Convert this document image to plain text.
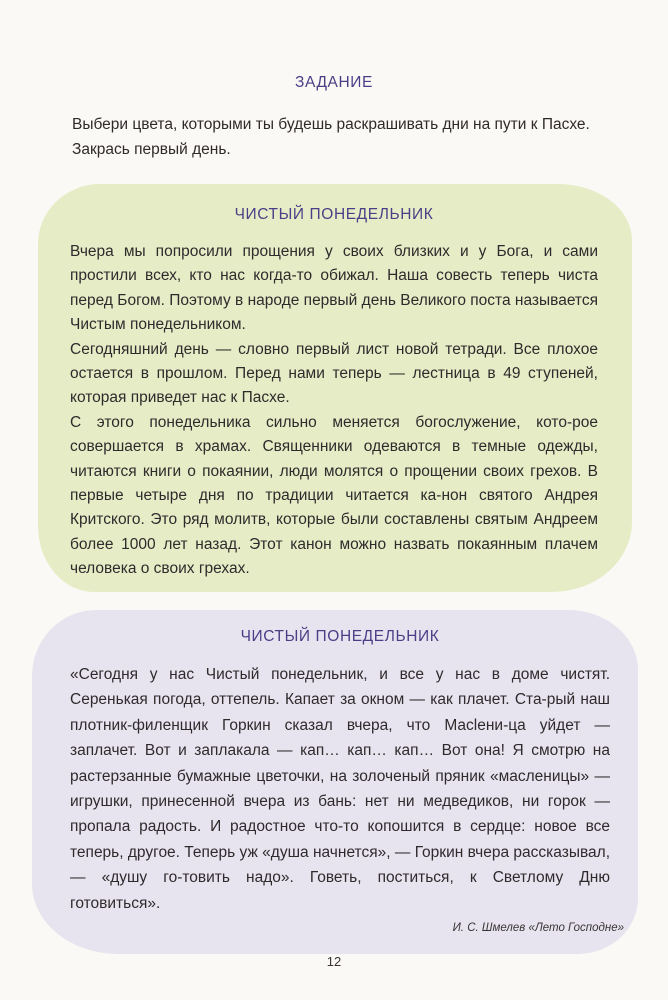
ЗАДАНИЕ

Выбери цвета, которыми ты будешь раскрашивать дни на пути к Пасхе. Закрась первый день.

ЧИСТЫЙ ПОНЕДЕЛЬНИК
Вчера мы попросили прощения у своих близких и у Бога, и сами простили всех, кто нас когда-то обижал. Наша совесть теперь чиста перед Богом. Поэтому в народе первый день Великого поста называется Чистым понедельником.
Сегодняшний день — словно первый лист новой тетради. Все плохое остается в прошлом. Перед нами теперь — лестница в 49 ступеней, которая приведет нас к Пасхе.
С этого понедельника сильно меняется богослужение, кото-рое совершается в храмах. Священники одеваются в темные одежды, читаются книги о покаянии, люди молятся о прощении своих грехов. В первые четыре дня по традиции читается ка-нон святого Андрея Критского. Это ряд молитв, которые были составлены святым Андреем более 1000 лет назад. Этот канон можно назвать покаянным плачем человека о своих грехах.
ЧИСТЫЙ ПОНЕДЕЛЬНИК

«Сегодня у нас Чистый понедельник, и все у нас в доме чистят. Серенькая погода, оттепель. Капает за окном — как плачет. Ста-рый наш плотник-филенщик Горкин сказал вчера, что Масleни-ца уйдет — заплачет. Вот и заплакала — кап… кап… кап… Вот она! Я смотрю на растерзанные бумажные цветочки, на золоченый пряник «масленицы» — игрушки, принесенной вчера из бань: нет ни медведиков, ни горок — пропала радость. И радостное что-то копошится в сердце: новое все теперь, другое. Теперь уж «душа начнется», — Горкин вчера рассказывал, — «душу го-товить надо». Говеть, поститься, к Светлому Дню готовиться».

И. С. Шмелев «Лето Господне»
12
